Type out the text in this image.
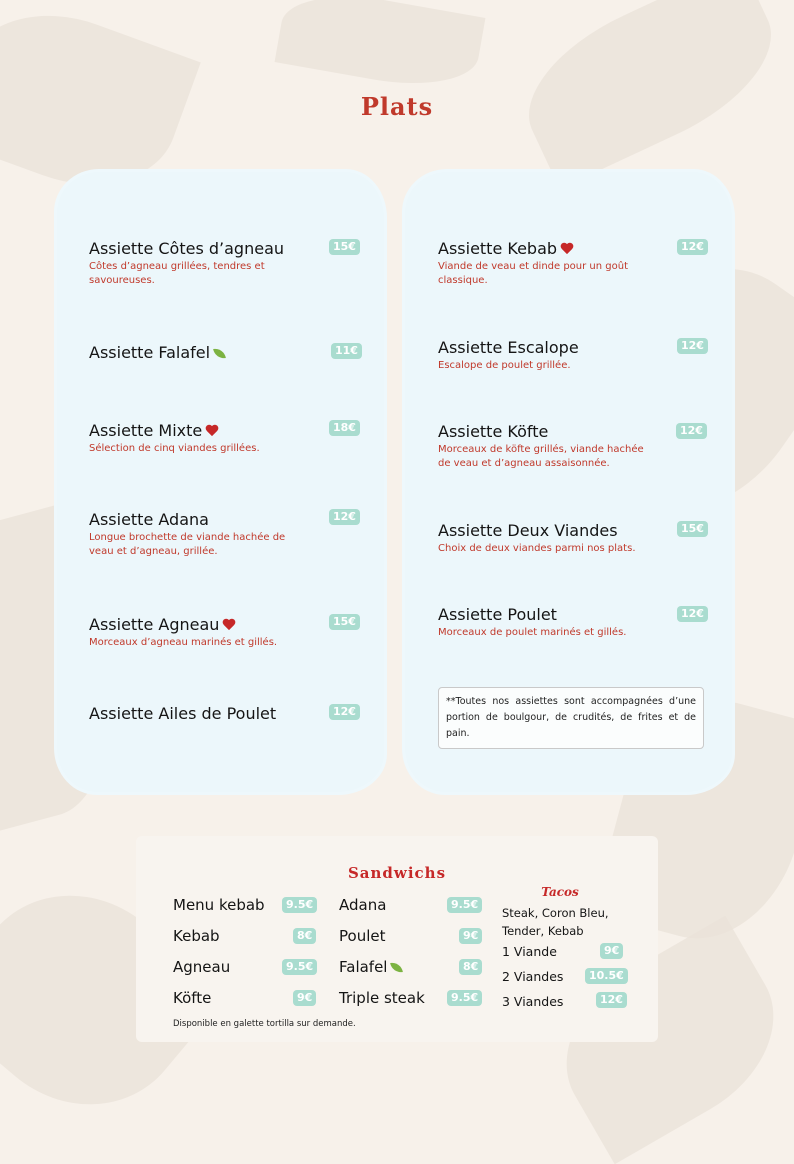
Plats
Assiette Côtes d’agneau
Côtes d’agneau grillées, tendres et savoureuses.
15€
Assiette Falafel	11€
Assiette Mixte
Sélection de cinq viandes grillées.
18€
Assiette Adana
Longue brochette de viande hachée de veau et d’agneau, grillée.
12€
Assiette Agneau
Morceaux d’agneau marinés et gillés.
15€
Assiette Ailes de Poulet	12€
Assiette Kebab
Viande de veau et dinde pour un goût classique.
12€
Assiette Escalope
Escalope de poulet grillée.
12€
Assiette Köfte
Morceaux de köfte grillés, viande hachée de veau et d’agneau assaisonnée.
12€
Assiette Deux Viandes
Choix de deux viandes parmi nos plats.
15€
Assiette Poulet
Morceaux de poulet marinés et gillés.
12€
**Toutes nos assiettes sont accompagnées d’une portion de boulgour, de crudités, de frites et de pain.
Sandwichs
Menu kebab	9.5€
Kebab	8€
Agneau	9.5€
Köfte	9€
Adana	9.5€
Poulet	9€
Falafel	8€
Triple steak	9.5€
Disponible en galette tortilla sur demande.
Tacos
Steak, Coron Bleu, Tender, Kebab
1 Viande	9€
2 Viandes	10.5€
3 Viandes	12€
